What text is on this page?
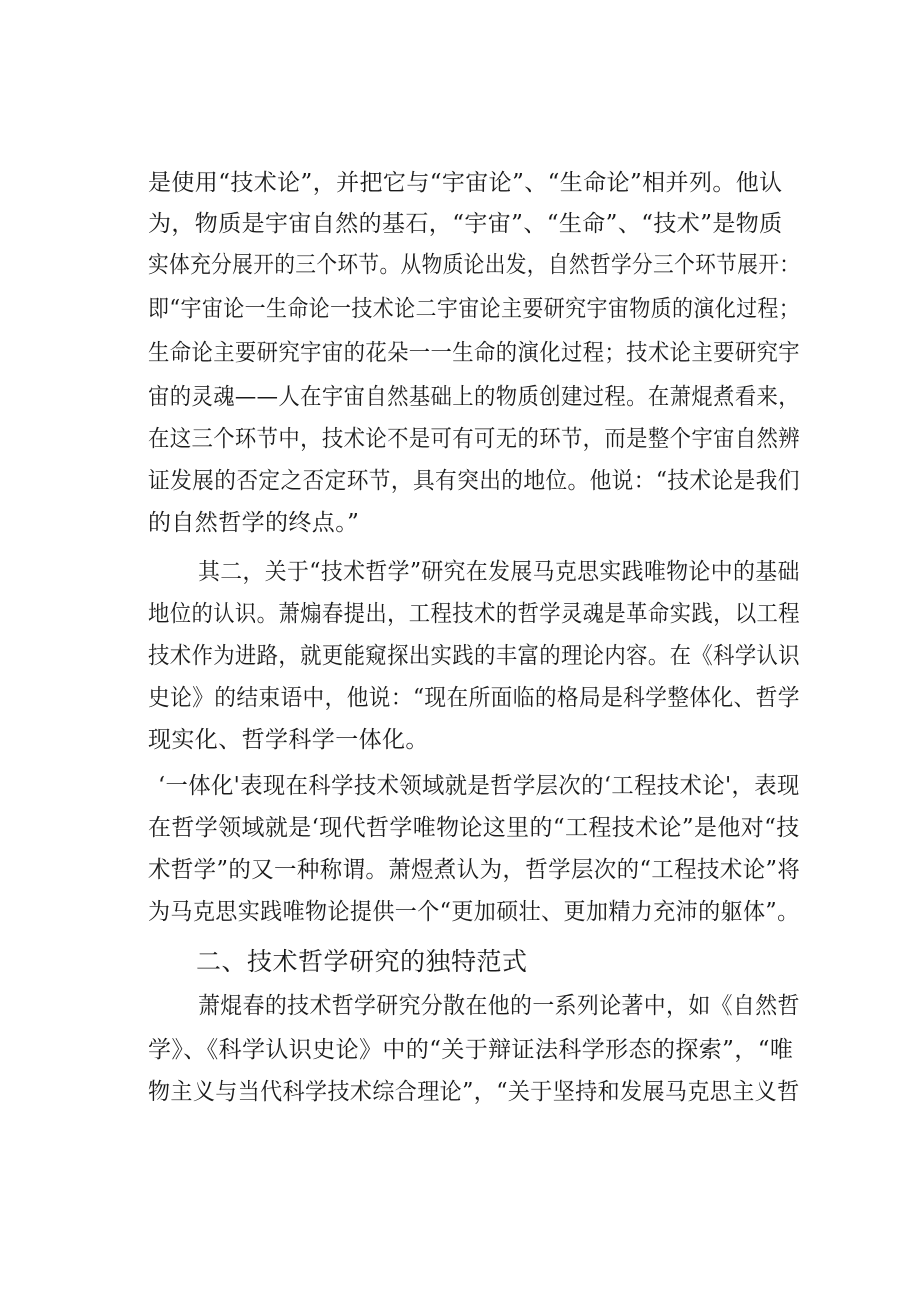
是使用“技术论”，并把它与“宇宙论”、“生命论”相并列。他认
为，物质是宇宙自然的基石，“宇宙”、“生命”、“技术”是物质
实体充分展开的三个环节。从物质论出发，自然哲学分三个环节展开：
即“宇宙论一生命论一技术论二宇宙论主要研究宇宙物质的演化过程；
生命论主要研究宇宙的花朵一一生命的演化过程；技术论主要研究宇
宙的灵魂——人在宇宙自然基础上的物质创建过程。在萧焜煮看来，
在这三个环节中，技术论不是可有可无的环节，而是整个宇宙自然辨
证发展的否定之否定环节，具有突出的地位。他说：“技术论是我们
的自然哲学的终点。”
其二，关于“技术哲学”研究在发展马克思实践唯物论中的基础
地位的认识。萧煽春提出，工程技术的哲学灵魂是革命实践，以工程
技术作为进路，就更能窥探出实践的丰富的理论内容。在《科学认识
史论》的结束语中，他说：“现在所面临的格局是科学整体化、哲学
现实化、哲学科学一体化。
‘一体化'表现在科学技术领域就是哲学层次的‘工程技术论'，表现
在哲学领域就是‘现代哲学唯物论这里的“工程技术论”是他对“技
术哲学”的又一种称谓。萧煜煮认为，哲学层次的“工程技术论”将
为马克思实践唯物论提供一个“更加硕壮、更加精力充沛的躯体”。
二、技术哲学研究的独特范式
萧焜春的技术哲学研究分散在他的一系列论著中，如《自然哲
学》、《科学认识史论》中的“关于辩证法科学形态的探索”，“唯
物主义与当代科学技术综合理论”，“关于坚持和发展马克思主义哲
